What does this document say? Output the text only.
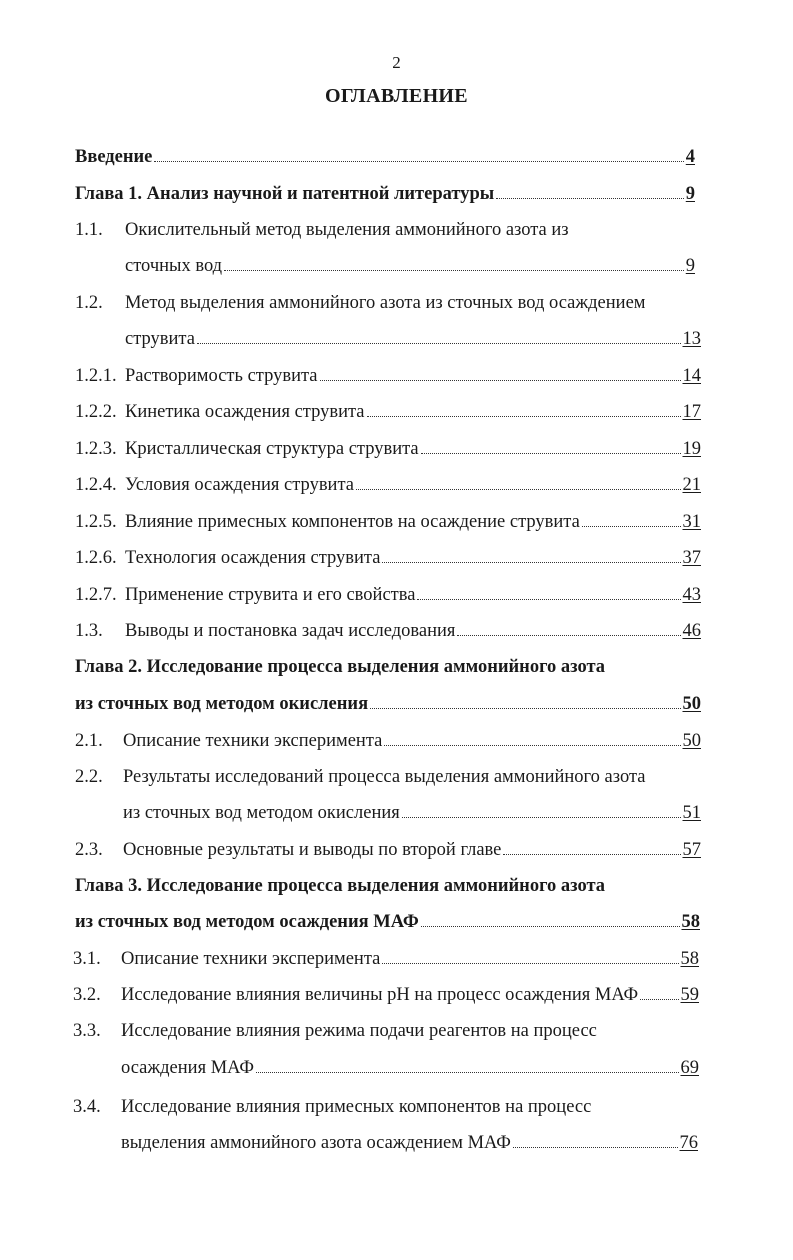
2
ОГЛАВЛЕНИЕ
Введение	4
Глава 1. Анализ научной и патентной литературы	9
1.1. Окислительный метод выделения аммонийного азота из
сточных вод	9
1.2. Метод выделения аммонийного азота из сточных вод осаждением
струвита	13
1.2.1. Растворимость струвита	14
1.2.2. Кинетика осаждения струвита	17
1.2.3. Кристаллическая структура струвита	19
1.2.4. Условия осаждения струвита	21
1.2.5. Влияние примесных компонентов на осаждение струвита	31
1.2.6. Технология осаждения струвита	37
1.2.7. Применение струвита и его свойства	43
1.3. Выводы и постановка задач исследования	46
Глава 2. Исследование процесса выделения аммонийного азота
из сточных вод методом окисления	50
2.1. Описание техники эксперимента	50
2.2. Результаты исследований процесса выделения аммонийного азота
из сточных вод методом окисления	51
2.3. Основные результаты и выводы по второй главе	57
Глава 3. Исследование процесса выделения аммонийного азота
из сточных вод методом осаждения МАФ	58
3.1. Описание техники эксперимента	58
3.2. Исследование влияния величины рН на процесс осаждения МАФ 59
3.3. Исследование влияния режима подачи реагентов на процесс
осаждения МАФ	69
3.4. Исследование влияния примесных компонентов на процесс
выделения аммонийного азота осаждением МАФ	76
